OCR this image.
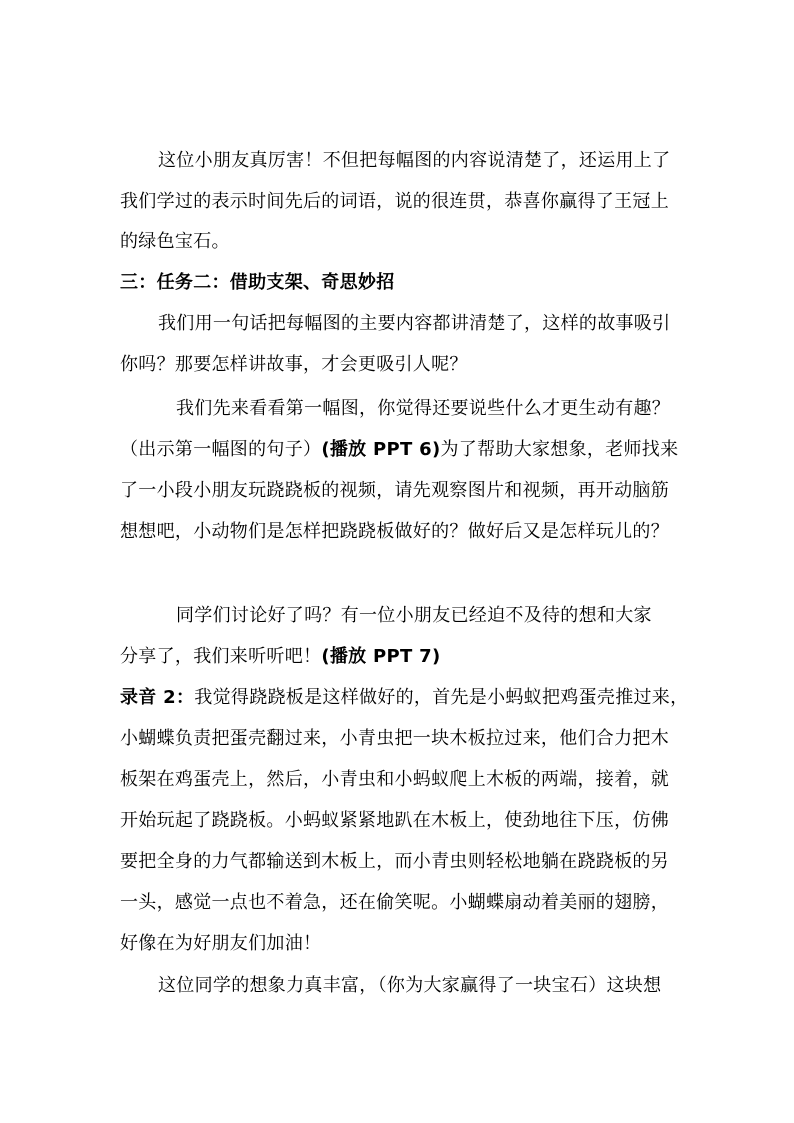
这位小朋友真厉害！不但把每幅图的内容说清楚了，还运用上了
我们学过的表示时间先后的词语，说的很连贯，恭喜你赢得了王冠上
的绿色宝石。
三：任务二：借助支架、奇思妙招
我们用一句话把每幅图的主要内容都讲清楚了，这样的故事吸引
你吗？那要怎样讲故事，才会更吸引人呢？
我们先来看看第一幅图，你觉得还要说些什么才更生动有趣？
（出示第一幅图的句子）(播放 PPT 6)为了帮助大家想象，老师找来
了一小段小朋友玩跷跷板的视频，请先观察图片和视频，再开动脑筋
想想吧，小动物们是怎样把跷跷板做好的？做好后又是怎样玩儿的？
同学们讨论好了吗？有一位小朋友已经迫不及待的想和大家
分享了，我们来听听吧！(播放 PPT 7)
录音 2：我觉得跷跷板是这样做好的，首先是小蚂蚁把鸡蛋壳推过来，
小蝴蝶负责把蛋壳翻过来，小青虫把一块木板拉过来，他们合力把木
板架在鸡蛋壳上，然后，小青虫和小蚂蚁爬上木板的两端，接着，就
开始玩起了跷跷板。小蚂蚁紧紧地趴在木板上，使劲地往下压，仿佛
要把全身的力气都输送到木板上，而小青虫则轻松地躺在跷跷板的另
一头，感觉一点也不着急，还在偷笑呢。小蝴蝶扇动着美丽的翅膀，
好像在为好朋友们加油！
这位同学的想象力真丰富，（你为大家赢得了一块宝石）这块想
